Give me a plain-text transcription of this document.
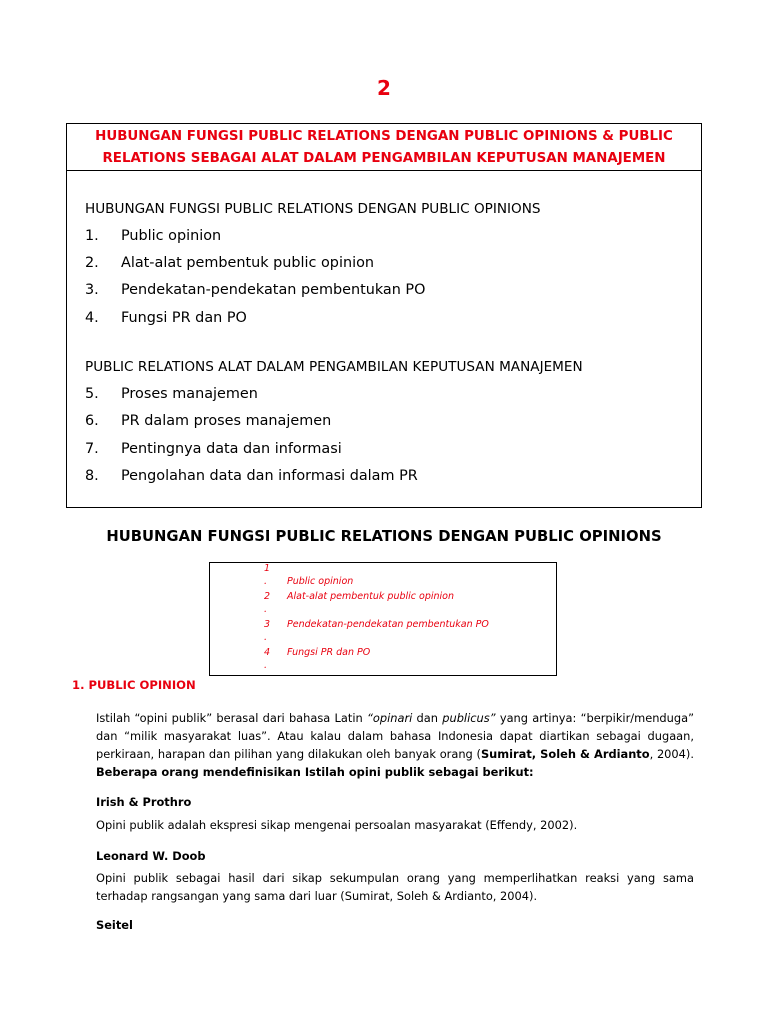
2
HUBUNGAN FUNGSI PUBLIC RELATIONS DENGAN PUBLIC OPINIONS & PUBLIC
RELATIONS SEBAGAI ALAT DALAM PENGAMBILAN KEPUTUSAN MANAJEMEN
HUBUNGAN FUNGSI PUBLIC RELATIONS DENGAN PUBLIC OPINIONS
1. Public opinion
2. Alat-alat pembentuk public opinion
3. Pendekatan-pendekatan pembentukan PO
4. Fungsi PR dan PO
PUBLIC RELATIONS ALAT DALAM PENGAMBILAN KEPUTUSAN MANAJEMEN
5. Proses manajemen
6. PR dalam proses manajemen
7. Pentingnya data dan informasi
8. Pengolahan data dan informasi dalam PR
HUBUNGAN FUNGSI PUBLIC RELATIONS DENGAN PUBLIC OPINIONS
1
. Public opinion
2
.
Alat-alat pembentuk public opinion
3
.
Pendekatan-pendekatan pembentukan PO
4
.
Fungsi PR dan PO
1. PUBLIC OPINION
Istilah “opini publik” berasal dari bahasa Latin “opinari dan publicus” yang artinya: “berpikir/menduga” dan “milik masyarakat luas”. Atau kalau dalam bahasa Indonesia dapat diartikan sebagai dugaan, perkiraan, harapan dan pilihan yang dilakukan oleh banyak orang (Sumirat, Soleh & Ardianto, 2004). Beberapa orang mendefinisikan Istilah opini publik sebagai berikut:
Irish & Prothro
Opini publik adalah ekspresi sikap mengenai persoalan masyarakat (Effendy, 2002).
Leonard W. Doob
Opini publik sebagai hasil dari sikap sekumpulan orang yang memperlihatkan reaksi yang sama terhadap rangsangan yang sama dari luar (Sumirat, Soleh & Ardianto, 2004).
Seitel
